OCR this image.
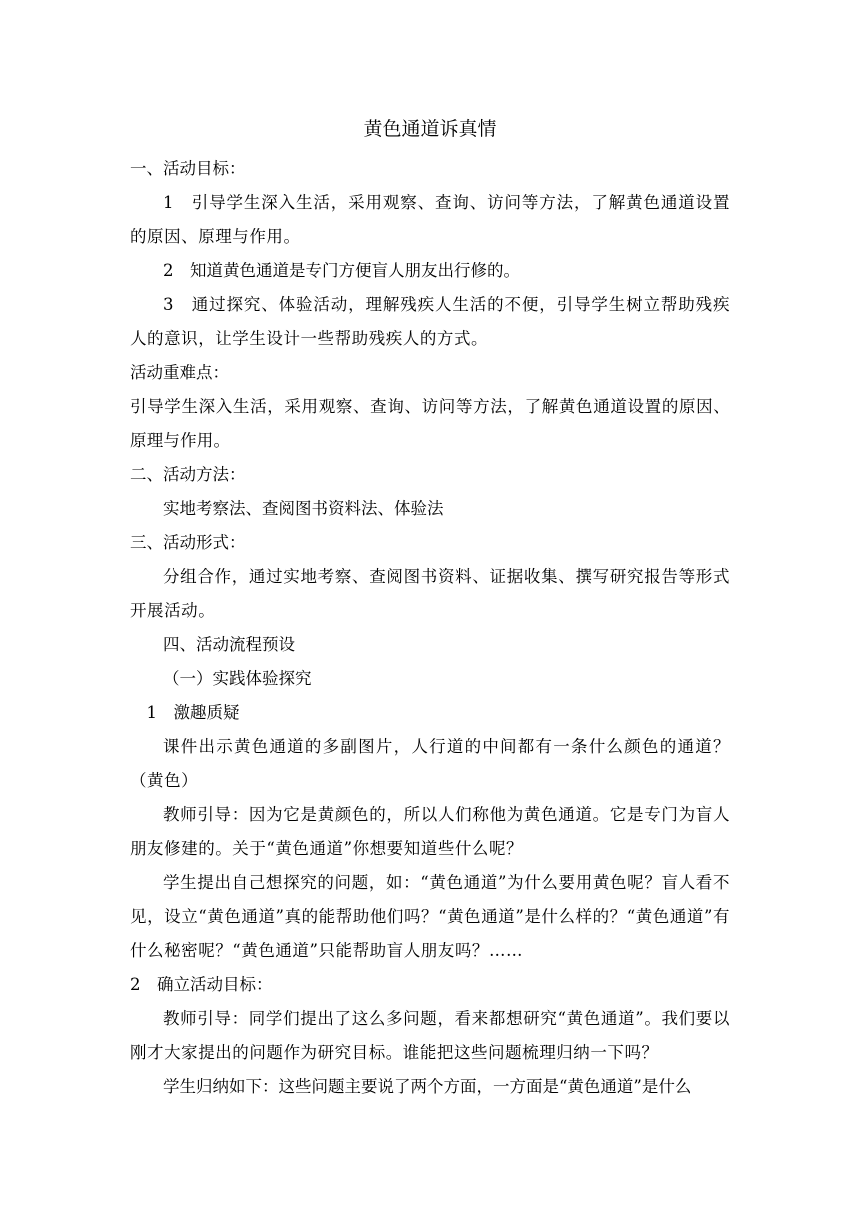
黄色通道诉真情

一、活动目标：

1　引导学生深入生活，采用观察、查询、访问等方法，了解黄色通道设置的原因、原理与作用。

2　知道黄色通道是专门方便盲人朋友出行修的。

3　通过探究、体验活动，理解残疾人生活的不便，引导学生树立帮助残疾人的意识，让学生设计一些帮助残疾人的方式。

活动重难点：

引导学生深入生活，采用观察、查询、访问等方法，了解黄色通道设置的原因、原理与作用。

二、活动方法：

实地考察法、查阅图书资料法、体验法

三、活动形式：

分组合作，通过实地考察、查阅图书资料、证据收集、撰写研究报告等形式开展活动。

四、活动流程预设

（一）实践体验探究

1　激趣质疑

课件出示黄色通道的多副图片，人行道的中间都有一条什么颜色的通道？（黄色）

教师引导：因为它是黄颜色的，所以人们称他为黄色通道。它是专门为盲人朋友修建的。关于“黄色通道”你想要知道些什么呢？

学生提出自己想探究的问题，如：“黄色通道”为什么要用黄色呢？盲人看不见，设立“黄色通道”真的能帮助他们吗？“黄色通道”是什么样的？“黄色通道”有什么秘密呢？“黄色通道”只能帮助盲人朋友吗？……

2　确立活动目标：

教师引导：同学们提出了这么多问题，看来都想研究“黄色通道”。我们要以刚才大家提出的问题作为研究目标。谁能把这些问题梳理归纳一下吗？

学生归纳如下：这些问题主要说了两个方面，一方面是“黄色通道”是什么
